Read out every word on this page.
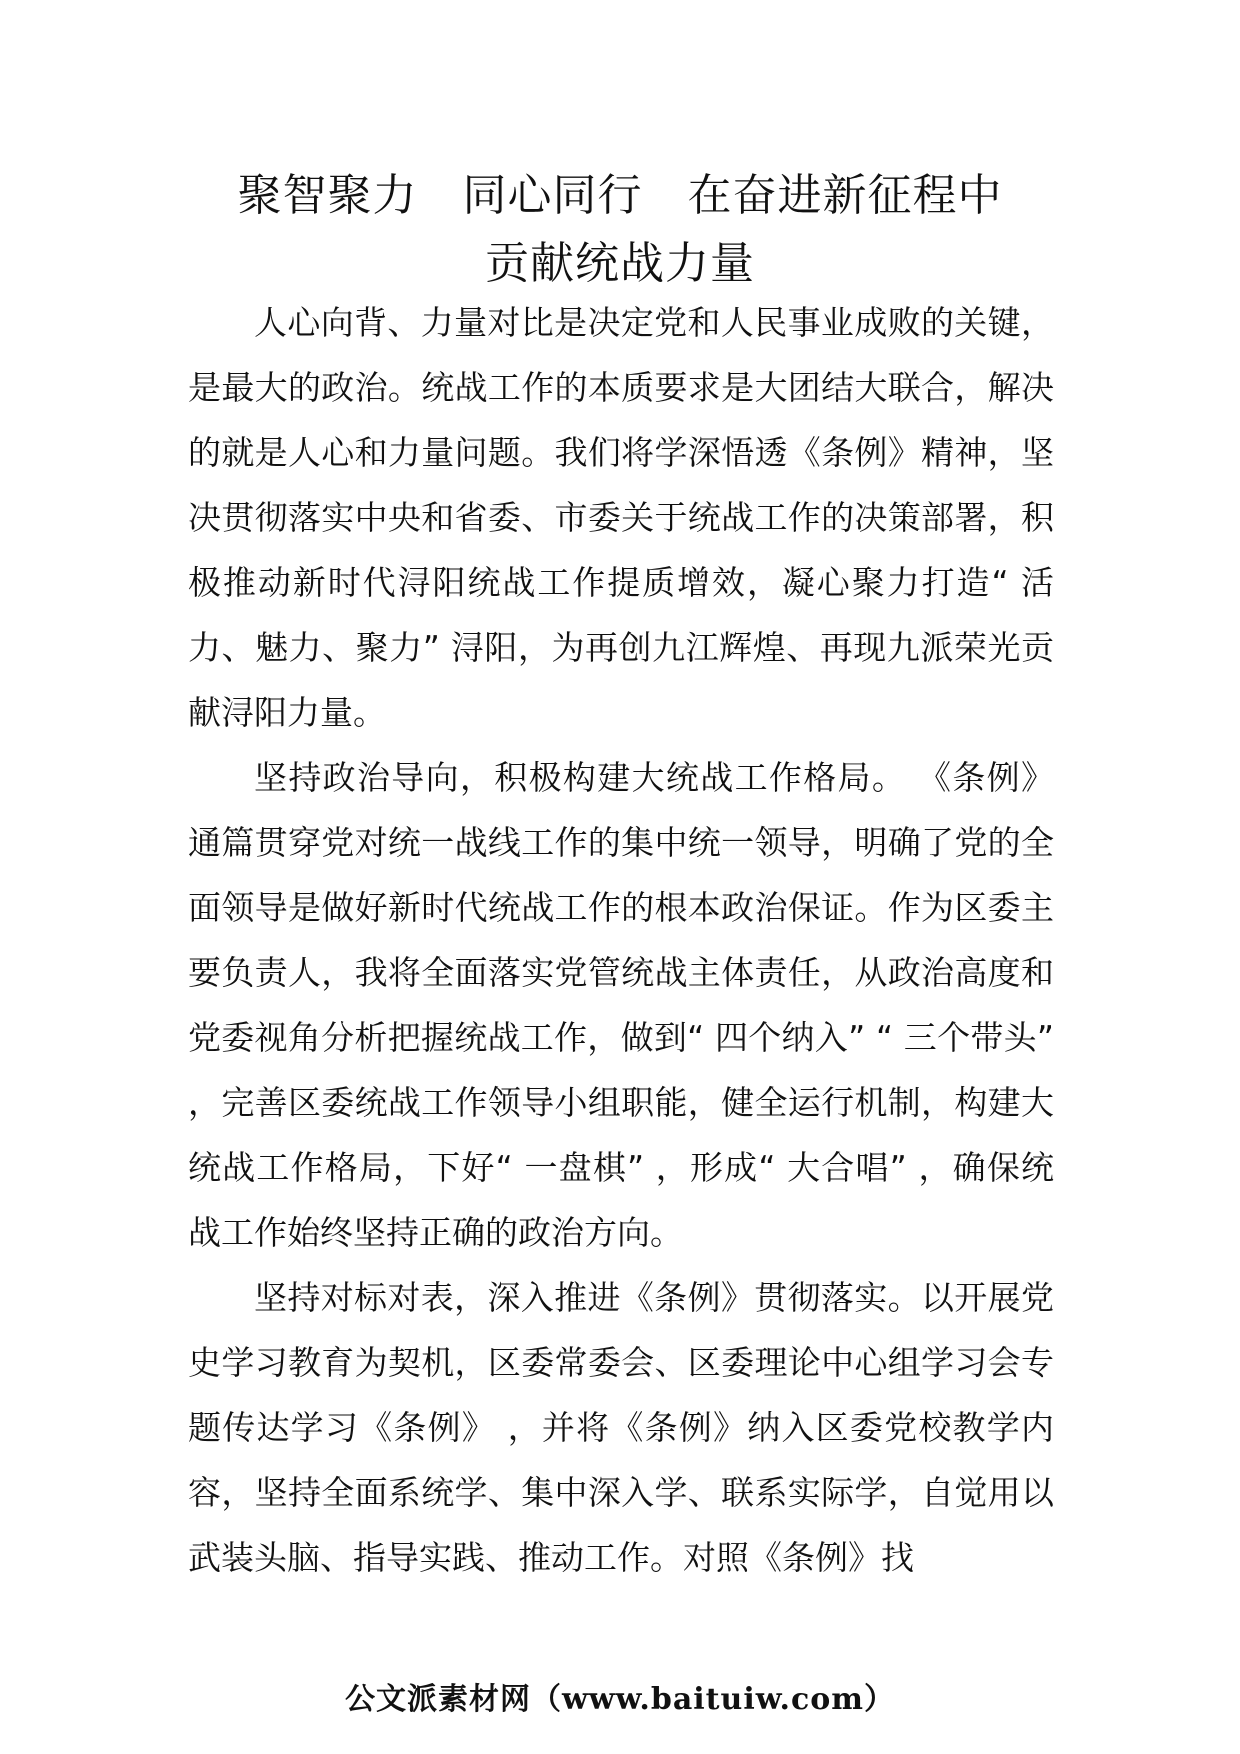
聚智聚力　同心同行　在奋进新征程中
贡献统战力量

人心向背、力量对比是决定党和人民事业成败的关键，是最大的政治。统战工作的本质要求是大团结大联合，解决的就是人心和力量问题。我们将学深悟透《条例》精神，坚决贯彻落实中央和省委、市委关于统战工作的决策部署，积极推动新时代浔阳统战工作提质增效，凝心聚力打造“ 活力、魅力、聚力” 浔阳，为再创九江辉煌、再现九派荣光贡献浔阳力量。

坚持政治导向，积极构建大统战工作格局。 《条例》通篇贯穿党对统一战线工作的集中统一领导，明确了党的全面领导是做好新时代统战工作的根本政治保证。作为区委主要负责人，我将全面落实党管统战主体责任，从政治高度和党委视角分析把握统战工作，做到“ 四个纳入” “ 三个带头” ，完善区委统战工作领导小组职能，健全运行机制，构建大统战工作格局，下好“ 一盘棋” ，形成“ 大合唱” ，确保统战工作始终坚持正确的政治方向。

坚持对标对表，深入推进《条例》贯彻落实。以开展党史学习教育为契机，区委常委会、区委理论中心组学习会专题传达学习《条例》 ，并将《条例》纳入区委党校教学内容，坚持全面系统学、集中深入学、联系实际学，自觉用以武装头脑、指导实践、推动工作。对照《条例》找

公文派素材网（www.baituiw.com）
